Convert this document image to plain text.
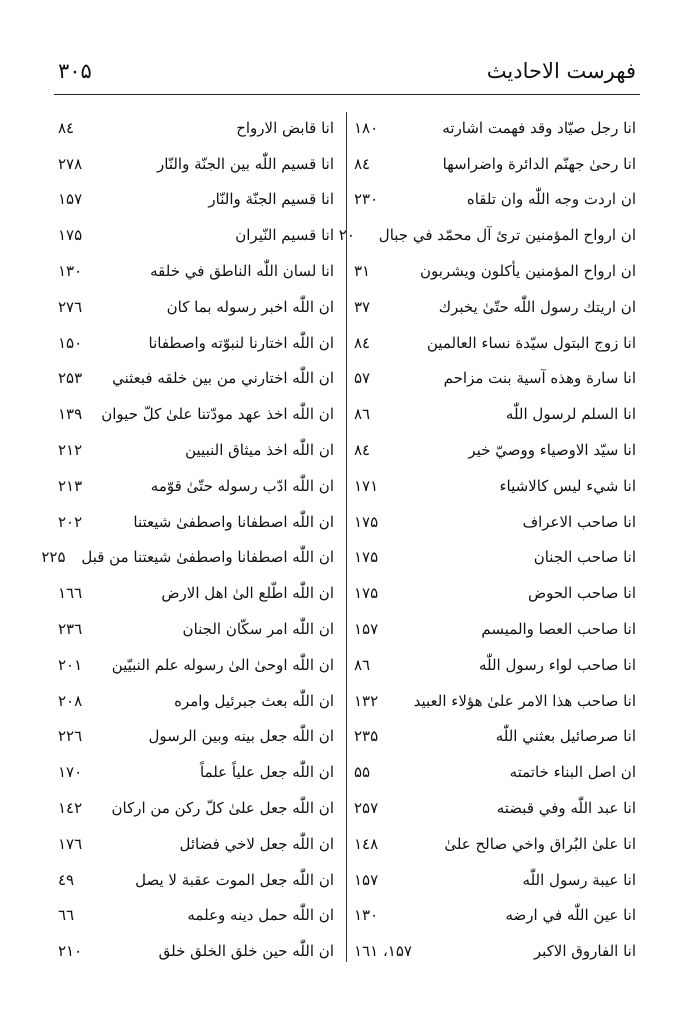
۳۰۵	فهرست الاحاديث
انا رجل صيّاد وقد فهمت اشارته
۱۸۰
انا رحیٰ جهنّم الدائرة واضراسها
۸٤
ان اردت وجه اللّٰه وان تلقاه
۲۳۰
ان ارواح المؤمنين ترئ آل محمّد في جبال
۲۰
ان ارواح المؤمنين يأكلون ويشربون
۳۱
ان اريتك رسول اللّٰه حتّیٰ يخبرك
۳۷
انا زوج البتول سيّدة نساء العالمين
۸٤
انا سارة وهذه آسية بنت مزاحم
۵۷
انا السلم لرسول اللّٰه
۸٦
انا سيّد الاوصياء ووصيّ خير
۸٤
انا شيء ليس كالاشياء
۱۷۱
انا صاحب الاعراف
۱۷۵
انا صاحب الجنان
۱۷۵
انا صاحب الحوض
۱۷۵
انا صاحب العصا والميسم
۱۵۷
انا صاحب لواء رسول اللّٰه
۸٦
انا صاحب هذا الامر علیٰ هؤلاء العبيد
۱۳۲
انا صرصائيل بعثني اللّٰه
۲۳۵
ان اصل البناء خاتمته
۵۵
انا عبد اللّٰه وفي قبضته
۲۵۷
انا علیٰ البُراق واخي صالح علیٰ
۱٤۸
انا عيبة رسول اللّٰه
۱۵۷
انا عين اللّٰه في ارضه
۱۳۰
انا الفاروق الاكبر
۱۵۷، ۱٦۱
انا قابض الارواح
۸٤
انا قسيم اللّٰه بين الجنّة والنّار
۲۷۸
انا قسيم الجنّة والنّار
۱۵۷
انا قسيم النّيران
۱۷۵
انا لسان اللّٰه الناطق في خلقه
۱۳۰
ان اللّٰه اخبر رسوله بما كان
۲۷٦
ان اللّٰه اختارنا لنبوّته واصطفانا
۱۵۰
ان اللّٰه اختارني من بين خلقه فبعثني
۲۵۳
ان اللّٰه اخذ عهد مودّتنا علیٰ كلّ حيوان
۱۳۹
ان اللّٰه اخذ ميثاق النبيين
۲۱۲
ان اللّٰه ادّب رسوله حتّیٰ قوّمه
۲۱۳
ان اللّٰه اصطفانا واصطفیٰ شيعتنا
۲۰۲
ان اللّٰه اصطفانا واصطفیٰ شيعتنا من قبل
۲۲۵
ان اللّٰه اطّلع الیٰ اهل الارض
۱٦٦
ان اللّٰه امر سكّان الجنان
۲۳٦
ان اللّٰه اوحیٰ الیٰ رسوله علم النبيّين
۲۰۱
ان اللّٰه بعث جبرئيل وامره
۲۰۸
ان اللّٰه جعل بينه وبين الرسول
۲۲٦
ان اللّٰه جعل علياً علماً
۱۷۰
ان اللّٰه جعل علیٰ كلّ ركن من اركان
۱٤۲
ان اللّٰه جعل لاخي فضائل
۱۷٦
ان اللّٰه جعل الموت عقبة لا يصل
٤۹
ان اللّٰه حمل دينه وعلمه
٦٦
ان اللّٰه حين خلق الخلق خلق
۲۱۰
